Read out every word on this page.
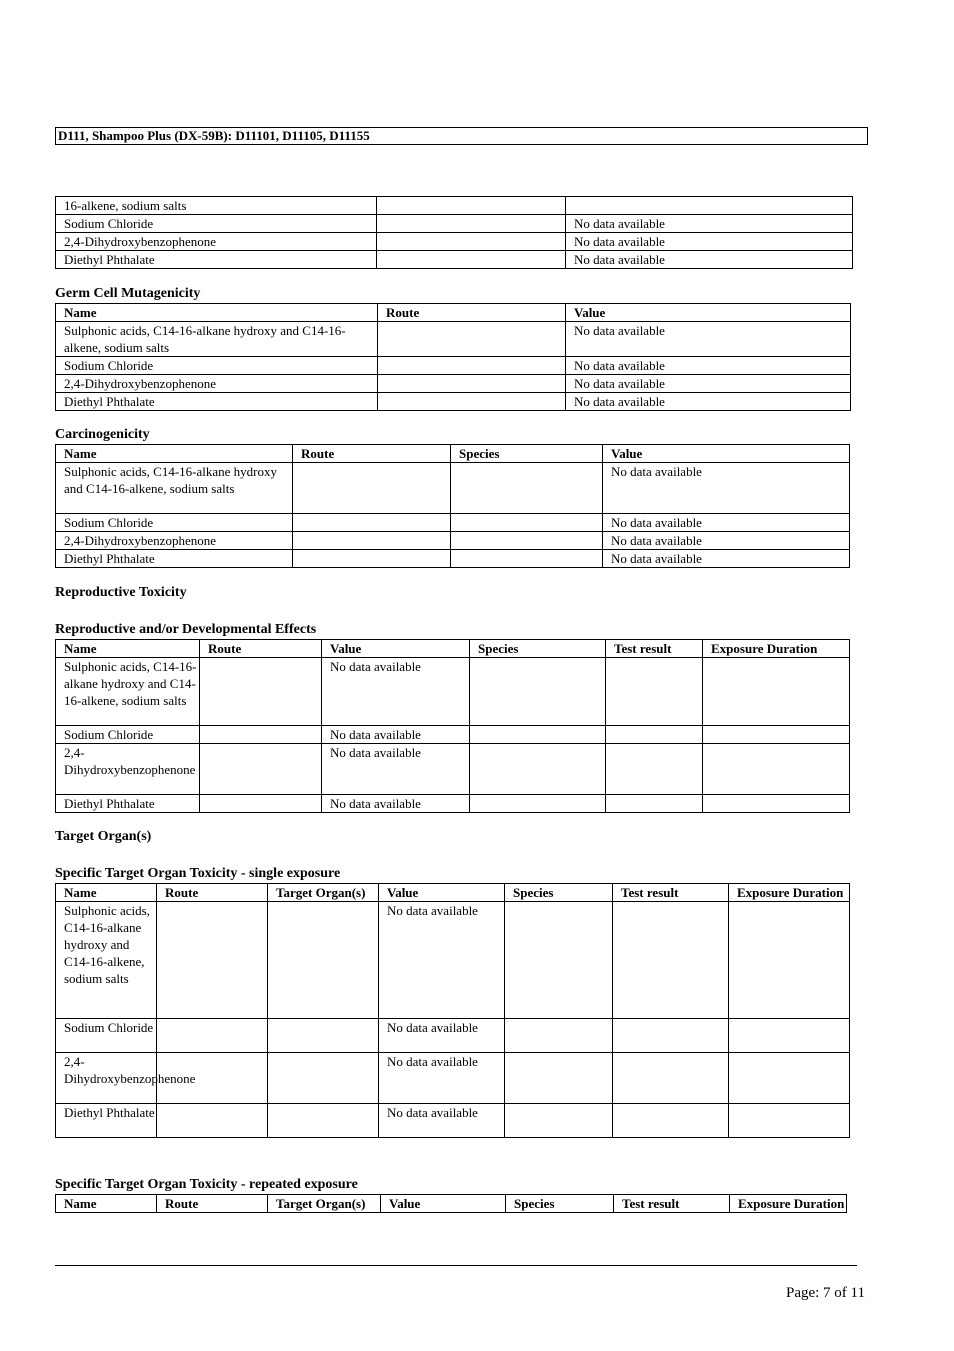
D111, Shampoo Plus (DX-59B): D11101, D11105, D11155
16-alkene, sodium salts		
Sodium Chloride		No data available
2,4-Dihydroxybenzophenone		No data available
Diethyl Phthalate		No data available
Germ Cell Mutagenicity
Name	Route	Value
Sulphonic acids, C14-16-alkane hydroxy and C14-16-alkene, sodium salts		No data available
Sodium Chloride		No data available
2,4-Dihydroxybenzophenone		No data available
Diethyl Phthalate		No data available
Carcinogenicity
Name	Route	Species	Value
Sulphonic acids, C14-16-alkane hydroxy and C14-16-alkene, sodium salts			No data available
Sodium Chloride			No data available
2,4-Dihydroxybenzophenone			No data available
Diethyl Phthalate			No data available
Reproductive Toxicity
Reproductive and/or Developmental Effects
Name	Route	Value	Species	Test result	Exposure Duration
Sulphonic acids, C14-16-alkane hydroxy and C14-16-alkene, sodium salts		No data available			
Sodium Chloride		No data available			
2,4-Dihydroxybenzophenone		No data available			
Diethyl Phthalate		No data available			
Target Organ(s)
Specific Target Organ Toxicity - single exposure
Name	Route	Target Organ(s)	Value	Species	Test result	Exposure Duration
Sulphonic acids, C14-16-alkane hydroxy and C14-16-alkene, sodium salts			No data available			
Sodium Chloride			No data available			
2,4-Dihydroxybenzophenone			No data available			
Diethyl Phthalate			No data available			
Specific Target Organ Toxicity - repeated exposure
Name	Route	Target Organ(s)	Value	Species	Test result	Exposure Duration
Page: 7 of 11
